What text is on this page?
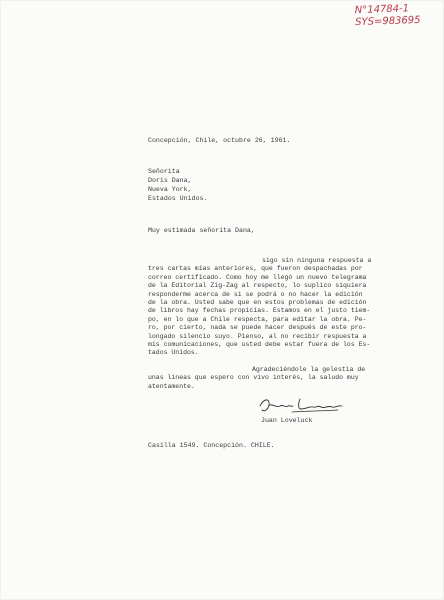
N°14784-1
SYS=983695

Concepción, Chile, octubre 26, 1961.

Señorita
Doris Dana,
Nueva York,
Estados Unidos.

Muy estimada señorita Dana,

sigo sin ninguna respuesta a
tres cartas mías anteriores, que fueron despachadas por
correo certificado. Como hoy me llegó un nuevo telegrama
de la Editorial Zig-Zag al respecto, lo suplico siquiera
responderme acerca de si se podrá o no hacer la edición
de la obra. Usted sabe que en estos problemas de edición
de libros hay fechas propicias. Estamos en el justo tiem-
po, en lo que a Chile respecta, para editar la obra. Pe-
ro, por cierto, nada se puede hacer después de este pro-
longado silencio suyo. Pienso, al no recibir respuesta a
mis comunicaciones, que usted debe estar fuera de los Es-
tados Unidos.
Agradeciéndole la gelestia de
unas líneas que espero con vivo interés, la saludo muy
atentamente.

Juan Loveluck

Casilla 1549. Concepción. CHILE.
